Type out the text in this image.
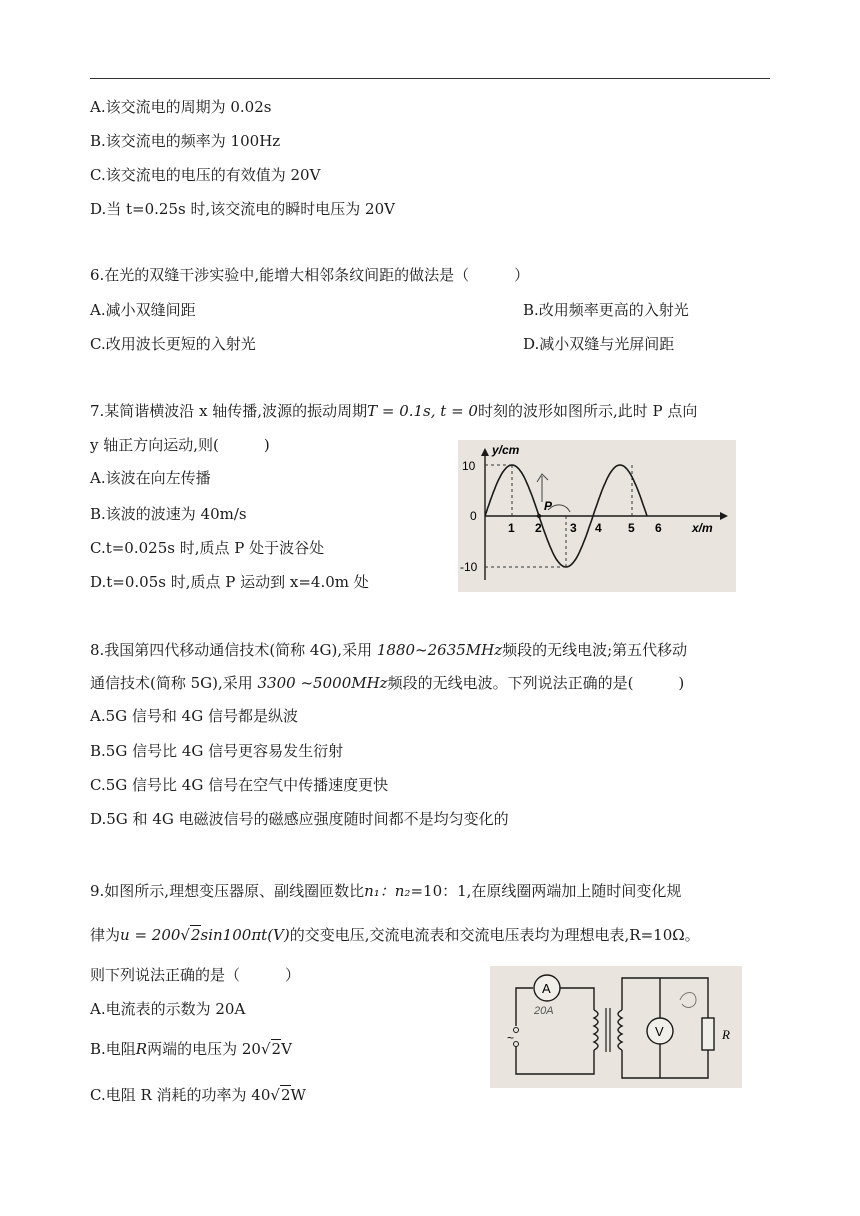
A.该交流电的周期为 0.02s
B.该交流电的频率为 100Hz
C.该交流电的电压的有效值为 20V
D.当 t=0.25s 时,该交流电的瞬时电压为 20V
6.在光的双缝干涉实验中,能增大相邻条纹间距的做法是（　　　）
A.减小双缝间距	B.改用频率更高的入射光
C.改用波长更短的入射光	D.减小双缝与光屏间距
7.某简谐横波沿 x 轴传播,波源的振动周期T = 0.1s, t = 0时刻的波形如图所示,此时 P 点向
y 轴正方向运动,则(　　　)
A.该波在向左传播
B.该波的波速为 40m/s
C.t=0.025s 时,质点 P 处于波谷处
D.t=0.05s 时,质点 P 运动到 x=4.0m 处
y/cm
x/m
10
0
-10
1 2 3 4 5 6
P
8.我国第四代移动通信技术(简称 4G),采用 1880~2635MHz频段的无线电波;第五代移动
通信技术(简称 5G),采用 3300 ~5000MHz频段的无线电波。下列说法正确的是(　　　)
A.5G 信号和 4G 信号都是纵波
B.5G 信号比 4G 信号更容易发生衍射
C.5G 信号比 4G 信号在空气中传播速度更快
D.5G 和 4G 电磁波信号的磁感应强度随时间都不是均匀变化的
9.如图所示,理想变压器原、副线圈匝数比n₁：n₂=10：1,在原线圈两端加上随时间变化规
律为u = 200√2sin100πt(V)的交变电压,交流电流表和交流电压表均为理想电表,R=10Ω。
则下列说法正确的是（　　　）
A.电流表的示数为 20A
B.电阻R两端的电压为 20√2V
C.电阻 R 消耗的功率为 40√2W
A
~
20A
V	R
